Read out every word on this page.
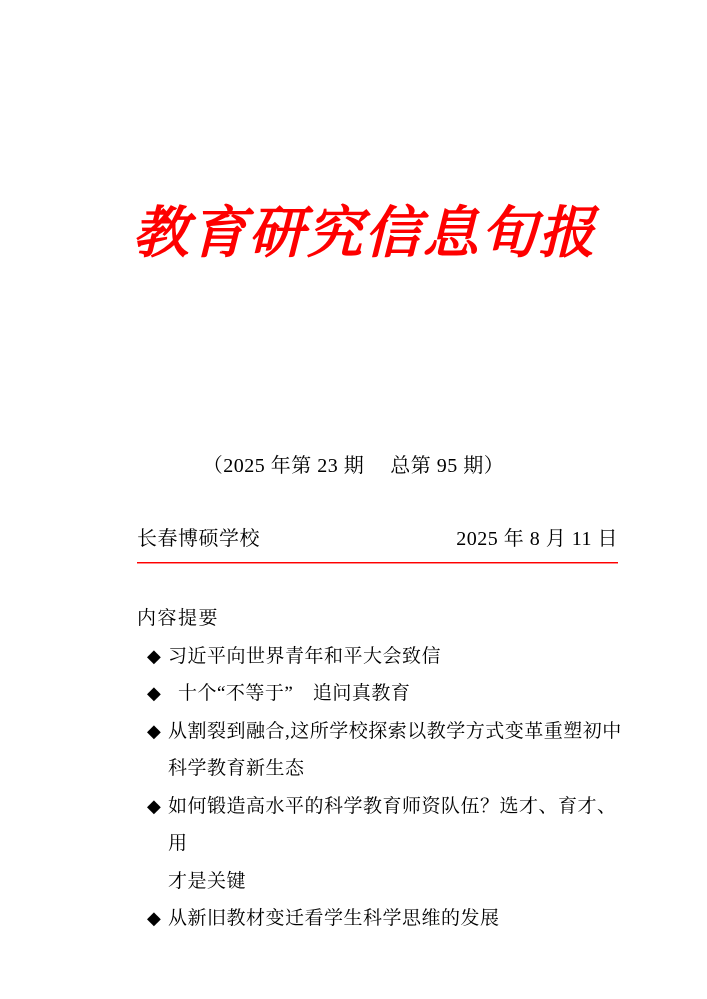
教育研究信息旬报
（2025 年第 23 期　 总第 95 期）
长春博硕学校	2025 年 8 月 11 日
内容提要
◆ 习近平向世界青年和平大会致信
◆ 十个“不等于”　追问真教育
◆ 从割裂到融合,这所学校探索以教学方式变革重塑初中
科学教育新生态
◆ 如何锻造高水平的科学教育师资队伍？选才、育才、用
才是关键
◆ 从新旧教材变迁看学生科学思维的发展
